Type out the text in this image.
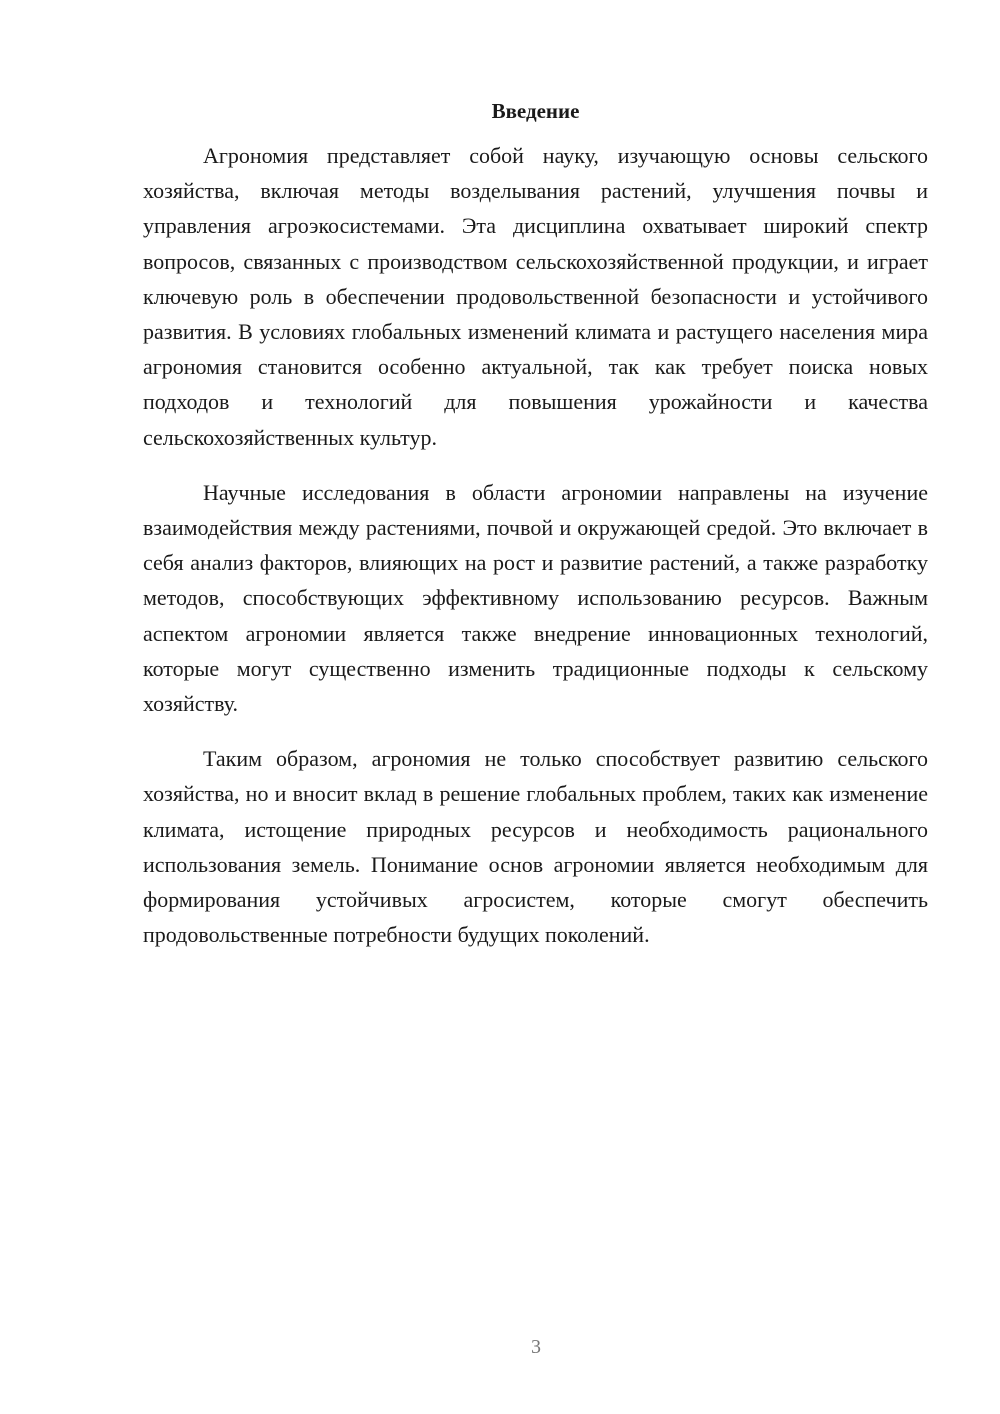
Введение

Агрономия представляет собой науку, изучающую основы сельского хозяйства, включая методы возделывания растений, улучшения почвы и управления агроэкосистемами. Эта дисциплина охватывает широкий спектр вопросов, связанных с производством сельскохозяйственной продукции, и играет ключевую роль в обеспечении продовольственной безопасности и устойчивого развития. В условиях глобальных изменений климата и растущего населения мира агрономия становится особенно актуальной, так как требует поиска новых подходов и технологий для повышения урожайности и качества сельскохозяйственных культур.

Научные исследования в области агрономии направлены на изучение взаимодействия между растениями, почвой и окружающей средой. Это включает в себя анализ факторов, влияющих на рост и развитие растений, а также разработку методов, способствующих эффективному использованию ресурсов. Важным аспектом агрономии является также внедрение инновационных технологий, которые могут существенно изменить традиционные подходы к сельскому хозяйству.

Таким образом, агрономия не только способствует развитию сельского хозяйства, но и вносит вклад в решение глобальных проблем, таких как изменение климата, истощение природных ресурсов и необходимость рационального использования земель. Понимание основ агрономии является необходимым для формирования устойчивых агросистем, которые смогут обеспечить продовольственные потребности будущих поколений.

3
